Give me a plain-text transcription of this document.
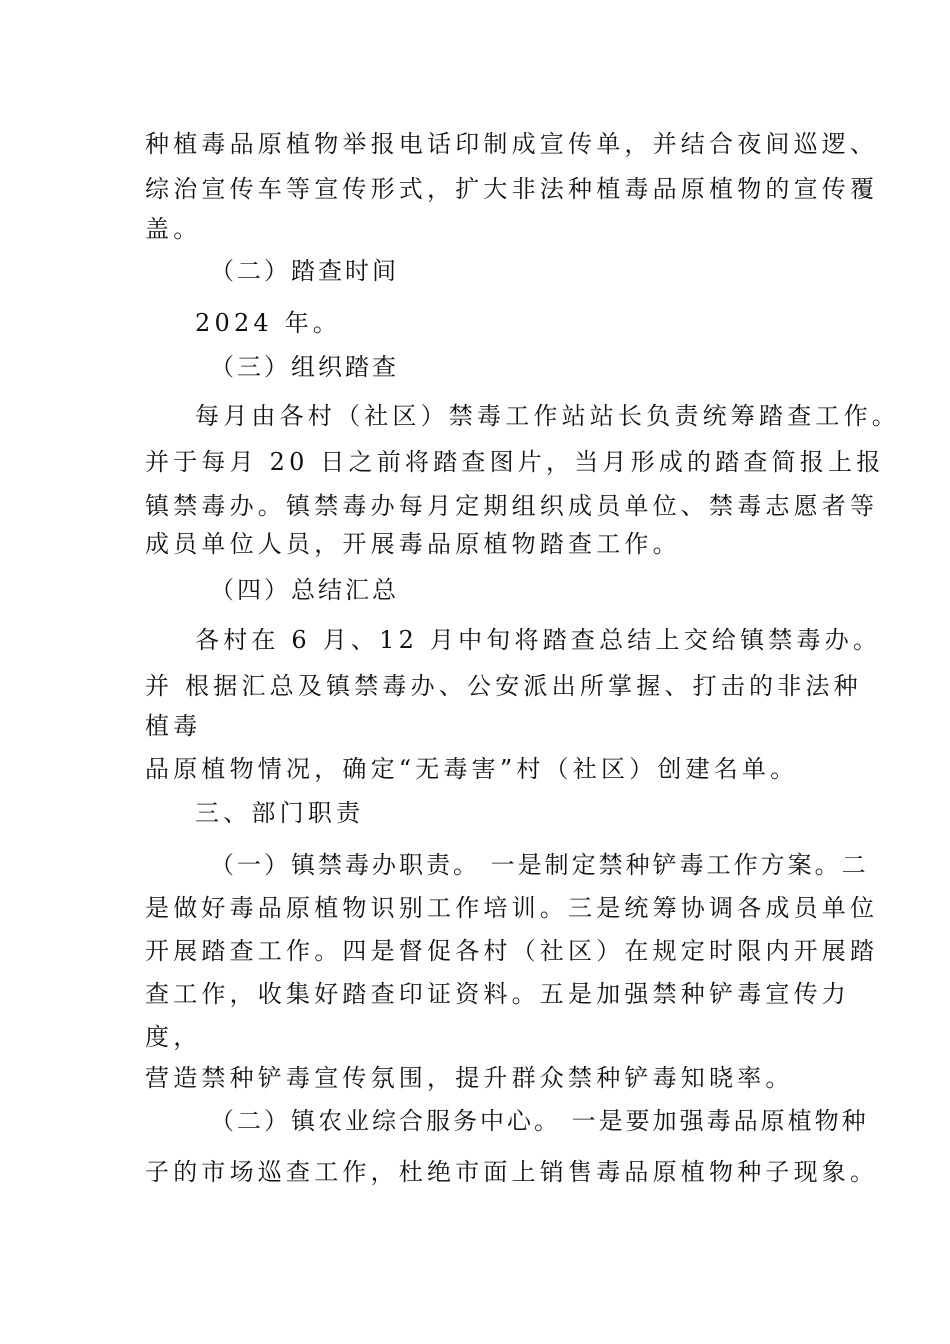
种植毒品原植物举报电话印制成宣传单，并结合夜间巡逻、
综治宣传车等宣传形式，扩大非法种植毒品原植物的宣传覆
盖。
（二）踏查时间
2024 年。
（三）组织踏查
每月由各村（社区）禁毒工作站站长负责统筹踏查工作。
并于每月 20 日之前将踏查图片，当月形成的踏查简报上报
镇禁毒办。镇禁毒办每月定期组织成员单位、禁毒志愿者等
成员单位人员，开展毒品原植物踏查工作。
（四）总结汇总
各村在 6 月、12 月中旬将踏查总结上交给镇禁毒办。
并 根据汇总及镇禁毒办、公安派出所掌握、打击的非法种
植毒
品原植物情况，确定“无毒害”村（社区）创建名单。
三、部门职责
（一）镇禁毒办职责。 一是制定禁种铲毒工作方案。二
是做好毒品原植物识别工作培训。三是统筹协调各成员单位
开展踏查工作。四是督促各村（社区）在规定时限内开展踏
查工作，收集好踏查印证资料。五是加强禁种铲毒宣传力
度，
营造禁种铲毒宣传氛围，提升群众禁种铲毒知晓率。
（二）镇农业综合服务中心。 一是要加强毒品原植物种
子的市场巡查工作，杜绝市面上销售毒品原植物种子现象。
